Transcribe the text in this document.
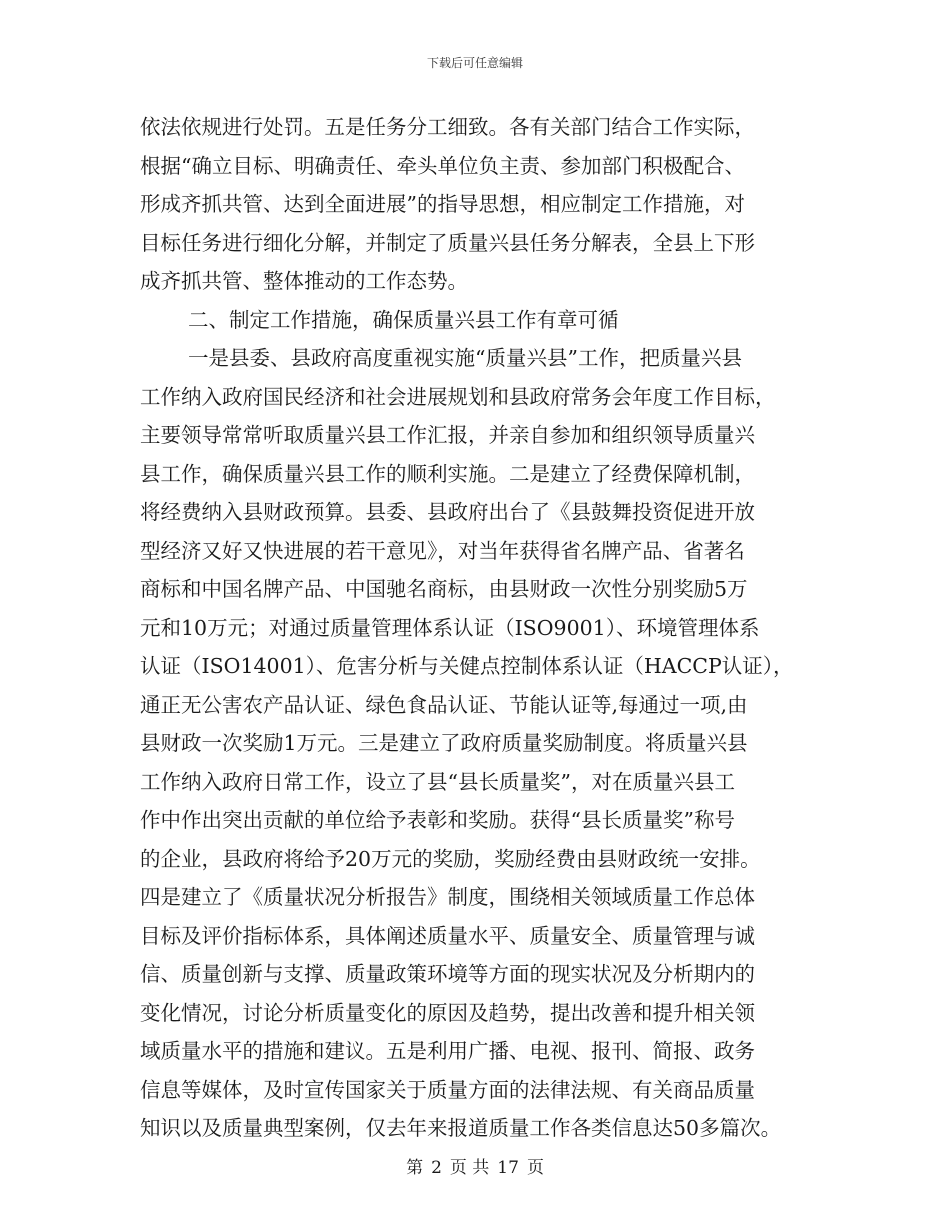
下载后可任意编辑
依法依规进行处罚。五是任务分工细致。各有关部门结合工作实际，
根据“确立目标、明确责任、牵头单位负主责、参加部门积极配合、
形成齐抓共管、达到全面进展”的指导思想，相应制定工作措施，对
目标任务进行细化分解，并制定了质量兴县任务分解表，全县上下形
成齐抓共管、整体推动的工作态势。
二、制定工作措施，确保质量兴县工作有章可循
一是县委、县政府高度重视实施“质量兴县”工作，把质量兴县
工作纳入政府国民经济和社会进展规划和县政府常务会年度工作目标，
主要领导常常听取质量兴县工作汇报，并亲自参加和组织领导质量兴
县工作，确保质量兴县工作的顺利实施。二是建立了经费保障机制，
将经费纳入县财政预算。县委、县政府出台了《县鼓舞投资促进开放
型经济又好又快进展的若干意见》，对当年获得省名牌产品、省著名
商标和中国名牌产品、中国驰名商标，由县财政一次性分别奖励5万
元和10万元；对通过质量管理体系认证（ISO9001）、环境管理体系
认证（ISO14001）、危害分析与关健点控制体系认证（HACCP认证），
通正无公害农产品认证、绿色食品认证、节能认证等,每通过一项,由
县财政一次奖励1万元。三是建立了政府质量奖励制度。将质量兴县
工作纳入政府日常工作，设立了县“县长质量奖”，对在质量兴县工
作中作出突出贡献的单位给予表彰和奖励。获得“县长质量奖”称号
的企业，县政府将给予20万元的奖励，奖励经费由县财政统一安排。
四是建立了《质量状况分析报告》制度，围绕相关领域质量工作总体
目标及评价指标体系，具体阐述质量水平、质量安全、质量管理与诚
信、质量创新与支撑、质量政策环境等方面的现实状况及分析期内的
变化情况，讨论分析质量变化的原因及趋势，提出改善和提升相关领
域质量水平的措施和建议。五是利用广播、电视、报刊、简报、政务
信息等媒体，及时宣传国家关于质量方面的法律法规、有关商品质量
知识以及质量典型案例，仅去年来报道质量工作各类信息达50多篇次。
第 2 页 共 17 页
